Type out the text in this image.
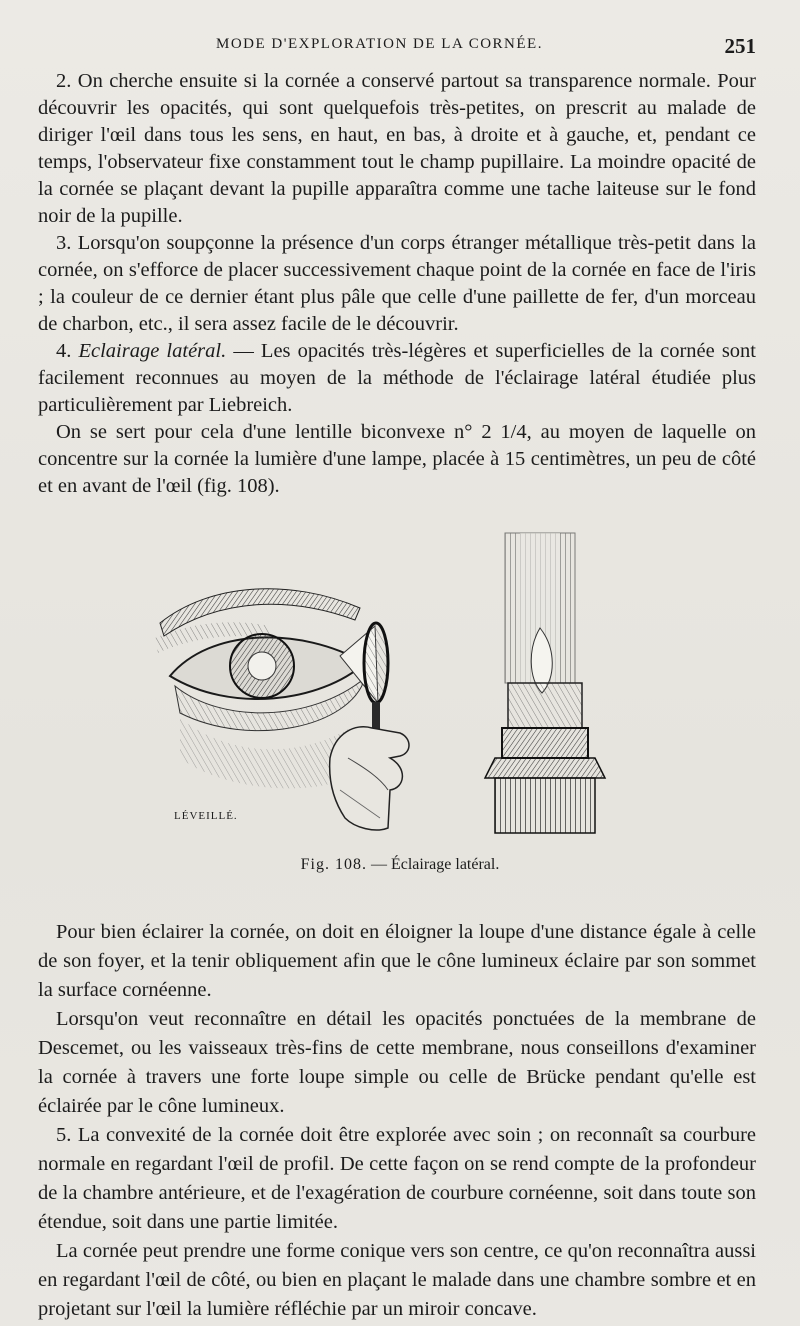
MODE D'EXPLORATION DE LA CORNÉE.	251

2. On cherche ensuite si la cornée a conservé partout sa transparence normale. Pour découvrir les opacités, qui sont quelquefois très-petites, on prescrit au malade de diriger l'œil dans tous les sens, en haut, en bas, à droite et à gauche, et, pendant ce temps, l'observateur fixe constamment tout le champ pupillaire. La moindre opacité de la cornée se plaçant devant la pupille apparaîtra comme une tache laiteuse sur le fond noir de la pupille.

3. Lorsqu'on soupçonne la présence d'un corps étranger métallique très-petit dans la cornée, on s'efforce de placer successivement chaque point de la cornée en face de l'iris ; la couleur de ce dernier étant plus pâle que celle d'une paillette de fer, d'un morceau de charbon, etc., il sera assez facile de le découvrir.

4. Eclairage latéral. — Les opacités très-légères et superficielles de la cornée sont facilement reconnues au moyen de la méthode de l'éclairage latéral étudiée plus particulièrement par Liebreich.

On se sert pour cela d'une lentille biconvexe n° 2 1/4, au moyen de laquelle on concentre sur la cornée la lumière d'une lampe, placée à 15 centimètres, un peu de côté et en avant de l'œil (fig. 108).

LÉVEILLÉ.
Fig. 108. — Éclairage latéral.

Pour bien éclairer la cornée, on doit en éloigner la loupe d'une distance égale à celle de son foyer, et la tenir obliquement afin que le cône lumineux éclaire par son sommet la surface cornéenne.

Lorsqu'on veut reconnaître en détail les opacités ponctuées de la membrane de Descemet, ou les vaisseaux très-fins de cette membrane, nous conseillons d'examiner la cornée à travers une forte loupe simple ou celle de Brücke pendant qu'elle est éclairée par le cône lumineux.

5. La convexité de la cornée doit être explorée avec soin ; on reconnaît sa courbure normale en regardant l'œil de profil. De cette façon on se rend compte de la profondeur de la chambre antérieure, et de l'exagération de courbure cornéenne, soit dans toute son étendue, soit dans une partie limitée.

La cornée peut prendre une forme conique vers son centre, ce qu'on reconnaîtra aussi en regardant l'œil de côté, ou bien en plaçant le malade dans une chambre sombre et en projetant sur l'œil la lumière réfléchie par un miroir concave.
